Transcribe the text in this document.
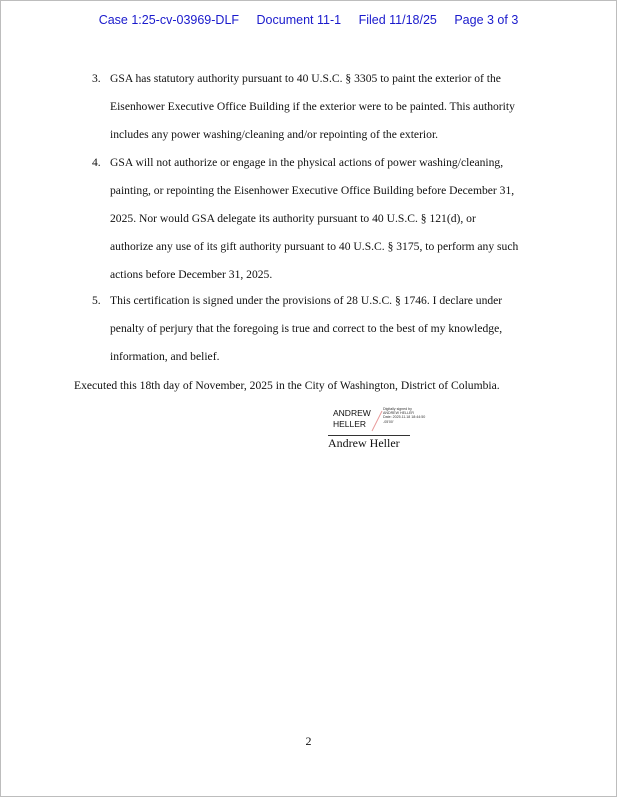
Case 1:25-cv-03969-DLF Document 11-1 Filed 11/18/25 Page 3 of 3
3. GSA has statutory authority pursuant to 40 U.S.C. § 3305 to paint the exterior of the
Eisenhower Executive Office Building if the exterior were to be painted. This authority
includes any power washing/cleaning and/or repointing of the exterior.
4. GSA will not authorize or engage in the physical actions of power washing/cleaning,
painting, or repointing the Eisenhower Executive Office Building before December 31,
2025. Nor would GSA delegate its authority pursuant to 40 U.S.C. § 121(d), or
authorize any use of its gift authority pursuant to 40 U.S.C. § 3175, to perform any such
actions before December 31, 2025.
5. This certification is signed under the provisions of 28 U.S.C. § 1746. I declare under
penalty of perjury that the foregoing is true and correct to the best of my knowledge,
information, and belief.
Executed this 18th day of November, 2025 in the City of Washington, District of Columbia.
ANDREW
HELLER
Digitally signed by
ANDREW HELLER
Date: 2025.11.18 18:44:50
-05'00'
Andrew Heller
2
